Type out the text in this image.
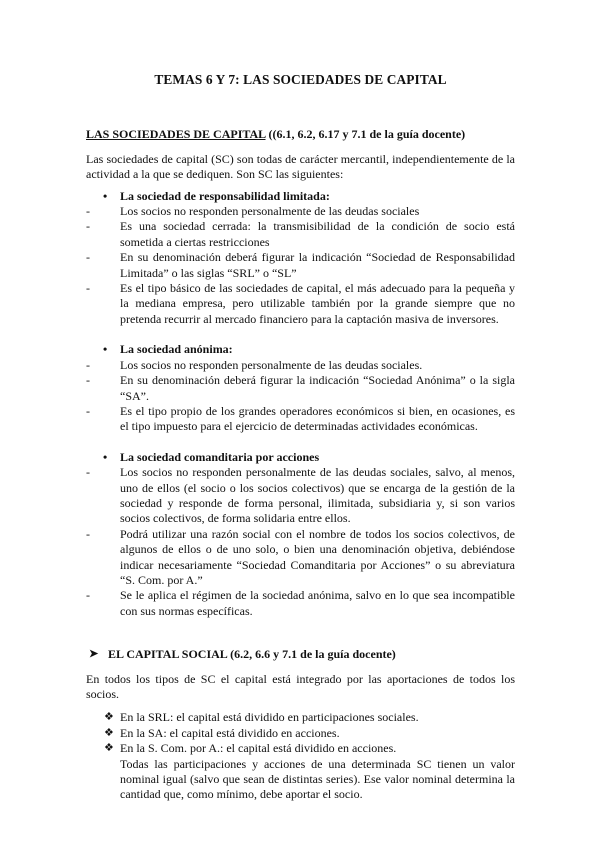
TEMAS 6 Y 7: LAS SOCIEDADES DE CAPITAL
LAS SOCIEDADES DE CAPITAL ((6.1, 6.2, 6.17 y 7.1 de la guía docente)

Las sociedades de capital (SC) son todas de carácter mercantil, independientemente de la actividad a la que se dediquen. Son SC las siguientes:

• La sociedad de responsabilidad limitada:
-	Los socios no responden personalmente de las deudas sociales
-	Es una sociedad cerrada: la transmisibilidad de la condición de socio está sometida a ciertas restricciones
-	En su denominación deberá figurar la indicación “Sociedad de Responsabilidad Limitada” o las siglas “SRL” o “SL”
-	Es el tipo básico de las sociedades de capital, el más adecuado para la pequeña y la mediana empresa, pero utilizable también por la grande siempre que no pretenda recurrir al mercado financiero para la captación masiva de inversores.
• La sociedad anónima:
-	Los socios no responden personalmente de las deudas sociales.
-	En su denominación deberá figurar la indicación “Sociedad Anónima” o la sigla “SA”.
-	Es el tipo propio de los grandes operadores económicos si bien, en ocasiones, es el tipo impuesto para el ejercicio de determinadas actividades económicas.
• La sociedad comanditaria por acciones
-	Los socios no responden personalmente de las deudas sociales, salvo, al menos, uno de ellos (el socio o los socios colectivos) que se encarga de la gestión de la sociedad y responde de forma personal, ilimitada, subsidiaria y, si son varios socios colectivos, de forma solidaria entre ellos.
-	Podrá utilizar una razón social con el nombre de todos los socios colectivos, de algunos de ellos o de uno solo, o bien una denominación objetiva, debiéndose indicar necesariamente “Sociedad Comanditaria por Acciones” o su abreviatura “S. Com. por A.”
-	Se le aplica el régimen de la sociedad anónima, salvo en lo que sea incompatible con sus normas específicas.
➤ EL CAPITAL SOCIAL (6.2, 6.6 y 7.1 de la guía docente)

En todos los tipos de SC el capital está integrado por las aportaciones de todos los socios.

❖ En la SRL: el capital está dividido en participaciones sociales.
❖ En la SA: el capital está dividido en acciones.
❖ En la S. Com. por A.: el capital está dividido en acciones.

Todas las participaciones y acciones de una determinada SC tienen un valor nominal igual (salvo que sean de distintas series). Ese valor nominal determina la cantidad que, como mínimo, debe aportar el socio.
